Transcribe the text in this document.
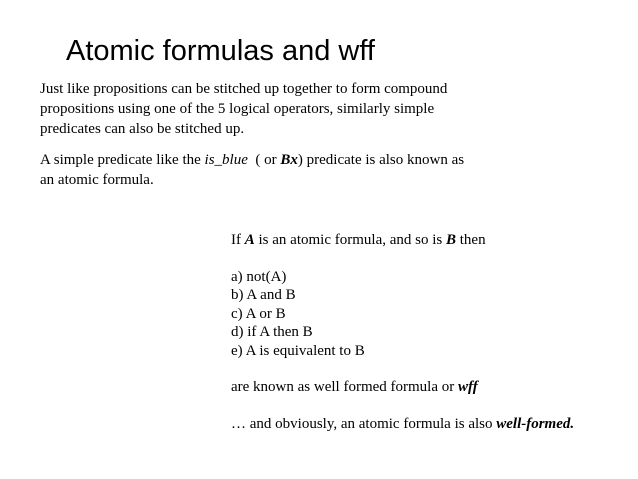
Atomic formulas and wff
Just like propositions can be stitched up together to form compound
propositions using one of the 5 logical operators, similarly simple
predicates can also be stitched up.
A simple predicate like the is_blue  ( or Bx) predicate is also known as
an atomic formula.
If A is an atomic formula, and so is B then
a) not(A)
b) A and B
c) A or B
d) if A then B
e) A is equivalent to B
are known as well formed formula or wff
… and obviously, an atomic formula is also well-formed.
